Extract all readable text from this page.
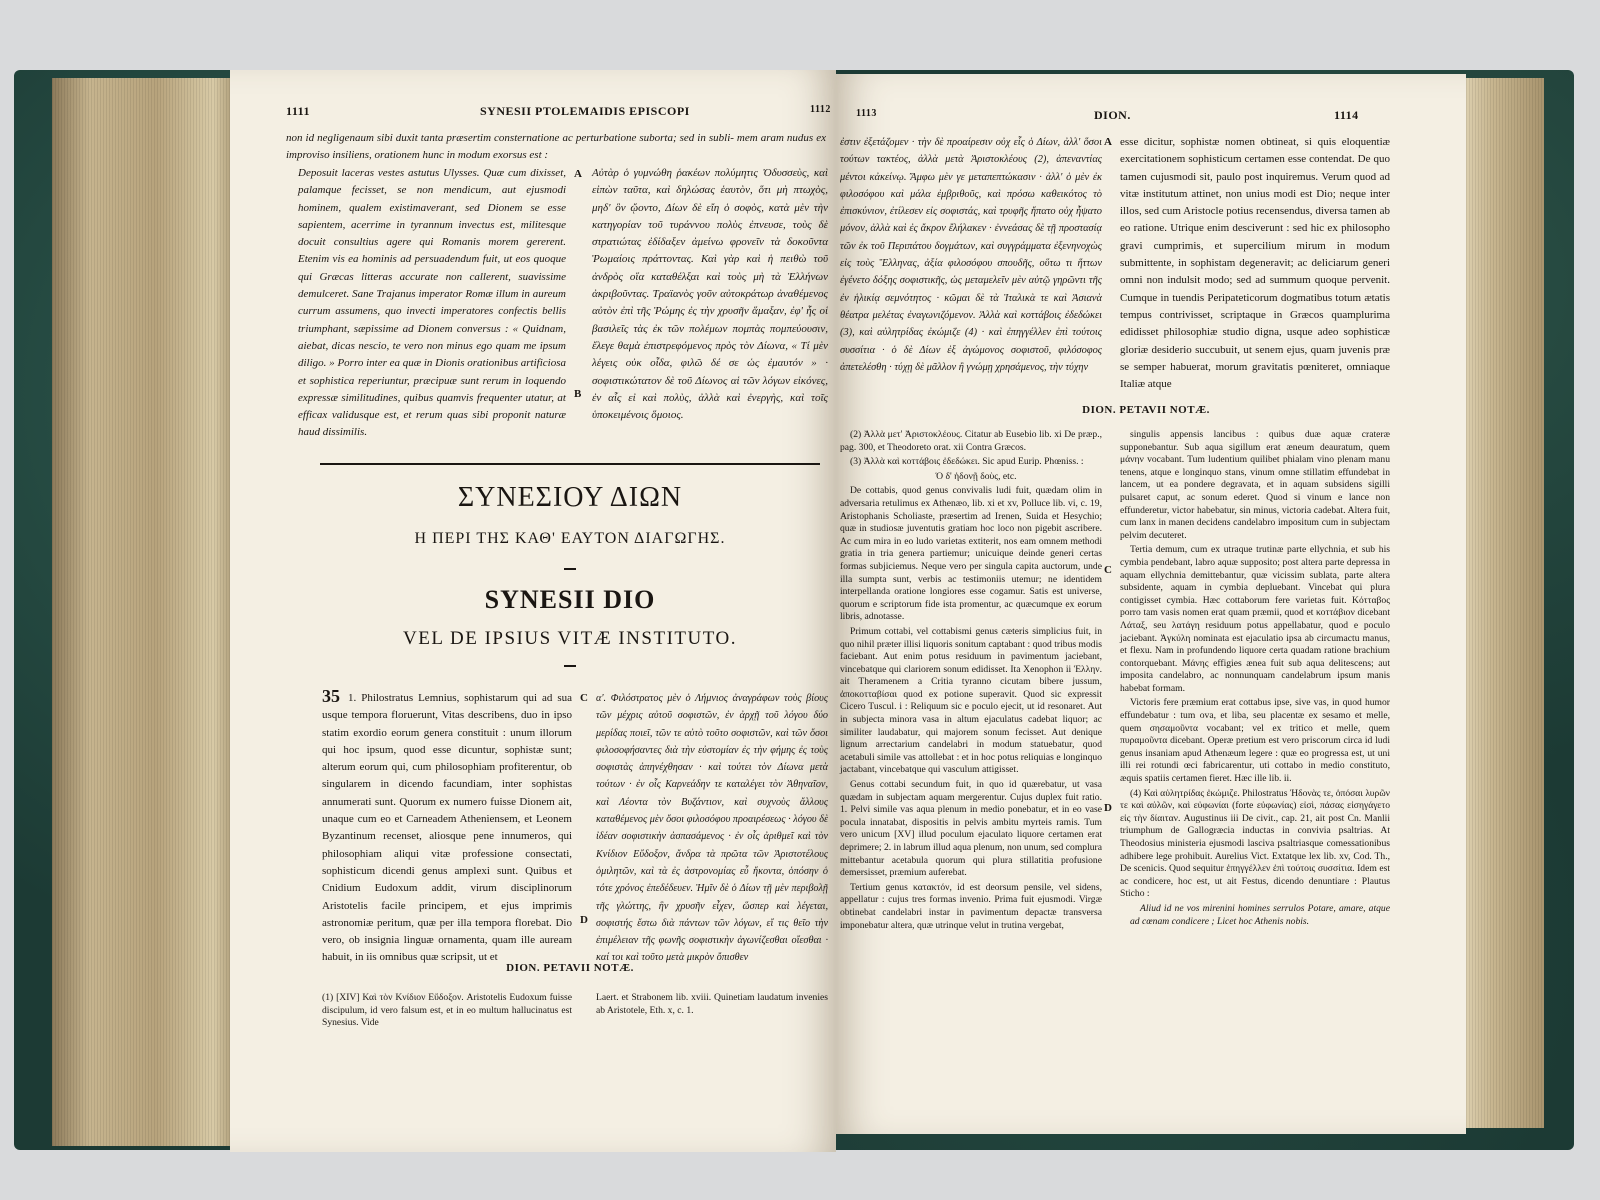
1111	SYNESII PTOLEMAIDIS EPISCOPI	1112
non id negligenaum sibi duxit tanta præsertim consternatione ac perturbatione suborta; sed in subli- mem aram nudus ex improviso insiliens, orationem hunc in modum exorsus est :
Deposuit laceras vestes astutus Ulysses. Quæ cum dixisset, palamque fecisset, se non mendicum, aut ejusmodi hominem, qualem existimaverant, sed Dionem se esse sapientem, acerrime in tyrannum invectus est, militesque docuit consultius agere qui Romanis morem gererent. Etenim vis ea hominis ad persuadendum fuit, ut eos quoque qui Græcas litteras accurate non callerent, suavissime demulceret. Sane Trajanus imperator Romæ illum in aureum currum assumens, quo invecti imperatores confectis bellis triumphant, sæpissime ad Dionem conversus : « Quidnam, aiebat, dicas nescio, te vero non minus ego quam me ipsum diligo. » Porro inter ea quæ in Dionis orationibus artificiosa et sophistica reperiuntur, præcipuæ sunt rerum in loquendo expressæ similitudines, quibus quamvis frequenter utatur, at efficax validusque est, et rerum quas sibi proponit naturæ haud dissimilis.
Αὐτὰρ ὁ γυμνώθη ῥακέων πολύμητις Ὀδυσσεὺς, καὶ εἰπὼν ταῦτα, καὶ δηλώσας ἑαυτὸν, ὅτι μὴ πτωχὸς, μηδ' ὃν ᾤοντο, Δίων δὲ εἴη ὁ σοφὸς, κατὰ μὲν τὴν κατηγορίαν τοῦ τυράννου πολὺς ἐπνευσε, τοὺς δὲ στρατιώτας ἐδίδαξεν ἀμείνω φρονεῖν τὰ δοκοῦντα Ῥωμαίοις πράττοντας. Καὶ γὰρ καὶ ἡ πειθὼ τοῦ ἀνδρὸς οἵα καταθέλξαι καὶ τοὺς μὴ τὰ Ἑλλήνων ἀκριβοῦντας. Τραϊανὸς γοῦν αὐτοκράτωρ ἀναθέμενος αὐτὸν ἐπὶ τῆς Ῥώμης ἐς τὴν χρυσῆν ἅμαξαν, ἐφ' ἧς οἱ βασιλεῖς τὰς ἐκ τῶν πολέμων πομπὰς πομπεύουσιν, ἔλεγε θαμὰ ἐπιστρεφόμενος πρὸς τὸν Δίωνα, « Τί μὲν λέγεις οὐκ οἶδα, φιλῶ δέ σε ὡς ἐμαυτόν » · σοφιστικώτατον δὲ τοῦ Δίωνος αἱ τῶν λόγων εἰκόνες, ἐν αἷς εἰ καὶ πολὺς, ἀλλὰ καὶ ἐνεργὴς, καὶ τοῖς ὑποκειμένοις ὅμοιος.
A
B
ΣΥΝΕΣΙΟΥ ΔΙΩΝ
Η ΠΕΡΙ ΤΗΣ ΚΑΘ' ΕΑΥΤΟΝ ΔΙΑΓΩΓΗΣ.
SYNESII DIO
VEL DE IPSIUS VITÆ INSTITUTO.
35 1. Philostratus Lemnius, sophistarum qui ad sua usque tempora floruerunt, Vitas describens, duo in ipso statim exordio eorum genera constituit : unum illorum qui hoc ipsum, quod esse dicuntur, sophistæ sunt; alterum eorum qui, cum philosophiam profiterentur, ob singularem in dicendo facundiam, inter sophistas annumerati sunt. Quorum ex numero fuisse Dionem ait, unaque cum eo et Carneadem Atheniensem, et Leonem Byzantinum recenset, aliosque pene innumeros, qui philosophiam aliqui vitæ professione consectati, sophisticum dicendi genus amplexi sunt. Quibus et Cnidium Eudoxum addit, virum disciplinorum Aristotelis facile principem, et ejus imprimis astronomiæ peritum, quæ per illa tempora florebat. Dio vero, ob insignia linguæ ornamenta, quam ille auream habuit, in iis omnibus quæ scripsit, ut et
α'. Φιλόστρατος μὲν ὁ Λήμνιος ἀναγράφων τοὺς βίους τῶν μέχρις αὐτοῦ σοφιστῶν, ἐν ἀρχῇ τοῦ λόγου δύο μερίδας ποιεῖ, τῶν τε αὐτὸ τοῦτο σοφιστῶν, καὶ τῶν ὅσοι φιλοσοφήσαντες διὰ τὴν εὐστομίαν ἐς τὴν φήμης ἐς τοὺς σοφιστὰς ἀπηνέχθησαν · καὶ τούτει τὸν Δίωνα μετὰ τούτων · ἐν οἷς Καρνεάδην τε καταλέγει τὸν Ἀθηναῖον, καὶ Λέοντα τὸν Βυζάντιον, καὶ συχνοὺς ἄλλους καταθέμενος μὲν ὅσοι φιλοσόφου προαιρέσεως · λόγου δὲ ἰδέαν σοφιστικὴν ἀσπασάμενος · ἐν οἷς ἀριθμεῖ καὶ τὸν Κνίδιον Εὔδοξον, ἄνδρα τὰ πρῶτα τῶν Ἀριστοτέλους ὁμιλητῶν, καὶ τὰ ἐς ἀστρονομίας εὖ ἥκοντα, ὁπόσην ὁ τότε χρόνος ἐπεδέδευεν. Ἡμῖν δὲ ὁ Δίων τῇ μὲν περιβολῇ τῆς γλώττης, ἣν χρυσῆν εἶχεν, ὥσπερ καὶ λέγεται, σοφιστής ἔστω διὰ πάντων τῶν λόγων, εἴ τις θεῖο τὴν ἐπιμέλειαν τῆς φωνῆς σοφιστικὴν ἀγωνίζεσθαι οἴεσθαι · καί τοι καὶ τοῦτο μετὰ μικρὸν ὄπισθεν
C
D
DION. PETAVII NOTÆ.
(1) [XIV] Καὶ τὸν Κνίδιον Εὔδοξον. Aristotelis Eudoxum fuisse discipulum, id vero falsum est, et in eo multum hallucinatus est Synesius. Vide
Laert. et Strabonem lib. xviii. Quinetiam laudatum invenies ab Aristotele, Eth. x, c. 1.
1113	DION.	1114
ἐστιν ἐξετάζομεν · τὴν δὲ προαίρεσιν οὐχ εἷς ὁ Δίων, ἀλλ' ὅσοι τούτων τακτέος, ἀλλὰ μετὰ Ἀριστοκλέους (2), ἀπεναντίας μέντοι κἀκείνῳ. Ἄμφω μὲν γε μεταπεπτώκασιν · ἀλλ' ὁ μὲν ἐκ φιλοσόφου καὶ μάλα ἐμβριθοῦς, καὶ πρόσω καθεικότος τὸ ἐπισκύνιον, ἐτίλεσεν εἰς σοφιστάς, καὶ τρυφῆς ἥπατο οὐχ ἧψατο μόνον, ἀλλὰ καὶ ἐς ἄκρον ἔλήλακεν · ἐννεάσας δὲ τῇ προστασίᾳ τῶν ἐκ τοῦ Περιπάτου δογμάτων, καὶ συγγράμματα ἐξενηνοχὼς εἰς τοὺς Ἕλληνας, ἀξία φιλοσόφου σπουδῆς, οὕτω τι ἥττων ἐγένετο δόξης σοφιστικῆς, ὡς μεταμελεῖν μὲν αὐτῷ γηρῶντι τῆς ἐν ἡλικίᾳ σεμνότητος · κῶμαι δὲ τὰ Ἰταλικὰ τε καὶ Ἀσιανὰ θέατρα μελέτας ἐναγωνιζόμενον. Ἀλλὰ καὶ κοττάβοις ἐδεδώκει (3), καὶ αὐλητρίδας ἐκώμιζε (4) · καὶ ἐπηγγέλλεν ἐπὶ τούτοις συσσίτια · ὁ δὲ Δίων ἐξ ἀγώμονος σοφιστοῦ, φιλόσοφος ἀπετελέσθη · τύχῃ δὲ μᾶλλον ἢ γνώμῃ χρησάμενος, τὴν τύχην
A esse dicitur, sophistæ nomen obtineat, si quis eloquentiæ exercitationem sophisticum certamen esse contendat. De quo tamen cujusmodi sit, paulo post inquiremus. Verum quod ad vitæ institutum attinet, non unius modi est Dio; neque inter illos, sed cum Aristocle potius recensendus, diversa tamen ab eo ratione. Utrique enim desciverunt : sed hic ex philosopho gravi cumprimis, et supercilium mirum in modum submittente, in sophistam degeneravit; ac deliciarum generi omni non indulsit modo; sed ad summum quoque pervenit. Cumque in tuendis Peripateticorum dogmatibus totum ætatis tempus contrivisset, scriptaque in Græcos quamplurima edidisset philosophiæ studio digna, usque adeo sophisticæ gloriæ desiderio succubuit, ut senem ejus, quam juvenis præ se semper habuerat, morum gravitatis pœniteret, omniaque Italiæ atque
DION. PETAVII NOTÆ.

(2) Ἀλλὰ μετ' Ἀριστοκλέους. Citatur ab Eusebio lib. xi De præp., pag. 300, et Theodoreto orat. xii Contra Græcos.

(3) Ἀλλὰ καὶ κοττάβοις ἐδεδώκει. Sic apud Eurip. Phœniss. :

Ὁ δ' ἡδονῇ δοὺς, etc.

De cottabis, quod genus convivalis ludi fuit, quædam olim in adversaria retulimus ex Athenæo, lib. xi et xv, Polluce lib. vi, c. 19, Aristophanis Scholiaste, præsertim ad Irenen, Suida et Hesychio; quæ in studiosæ juventutis gratiam hoc loco non pigebit ascribere. Ac cum mira in eo ludo varietas extiterit, nos eam omnem methodi gratia in tria genera partiemur; unicuique deinde generi certas formas subjiciemus. Neque vero per singula capita auctorum, unde illa sumpta sunt, verbis ac testimoniis utemur; ne identidem interpellanda oratione longiores esse cogamur. Satis est universe, quorum e scriptorum fide ista promentur, ac quæcumque ex eorum libris, adnotasse.

Primum cottabi, vel cottabismi genus cæteris simplicius fuit, in quo nihil præter illisi liquoris sonitum captabant : quod tribus modis faciebant. Aut enim potus residuum in pavimentum jaciebant, vincebatque qui clariorem sonum edidisset. Ita Xenophon ii Ἑλλην. ait Theramenem a Critia tyranno cicutam bibere jussum, ἀποκοτταβίσαι quod ex potione superavit. Quod sic expressit Cicero Tuscul. i : Reliquum sic e poculo ejecit, ut id resonaret. Aut in subjecta minora vasa in altum ejaculatus cadebat liquor; ac similiter laudabatur, qui majorem sonum fecisset. Aut denique lignum arrectarium candelabri in modum statuebatur, quod acetabuli simile vas attollebat : et in hoc potus reliquias e longinquo jactabant, vincebatque qui vasculum attigisset.

Genus cottabi secundum fuit, in quo id quærebatur, ut vasa quædam in subjectam aquam mergerentur. Cujus duplex fuit ratio. 1. Pelvi simile vas aqua plenum in medio ponebatur, et in eo vase pocula innatabat, dispositis in pelvis ambitu myrteis ramis. Tum vero unicum [XV] illud poculum ejaculato liquore certamen erat deprimere; 2. in labrum illud aqua plenum, non unum, sed complura mittebantur acetabula quorum qui plura stillatitia profusione demersisset, præmium auferebat.

Tertium genus κατακτόν, id est deorsum pensile, vel sidens, appellatur : cujus tres formas invenio. Prima fuit ejusmodi. Virgæ obtinebat candelabri instar in pavimentum depactæ transversa imponebatur altera, quæ utrinque velut in trutina vergebat,

C
D

singulis appensis lancibus : quibus duæ aquæ crateræ supponebantur. Sub aqua sigillum erat æneum deauratum, quem μάνην vocabant. Tum ludentium quilibet phialam vino plenam manu tenens, atque e longinquo stans, vinum omne stillatim effundebat in lancem, ut ea pondere degravata, et in aquam subsidens sigilli pulsaret caput, ac sonum ederet. Quod si vinum e lance non effunderetur, victor habebatur, sin minus, victoria cadebat. Altera fuit, cum lanx in manen decidens candelabro impositum cum in subjectam pelvim decuteret.

Tertia demum, cum ex utraque trutinæ parte ellychnia, et sub his cymbia pendebant, labro aquæ supposito; post altera parte depressa in aquam ellychnia demittebantur, quæ vicissim sublata, parte altera subsidente, aquam in cymbia depluebant. Vincebat qui plura contigisset cymbia. Hæc cottaborum fere varietas fuit. Κότταβος porro tam vasis nomen erat quam præmii, quod et κοττάβιον dicebant Λάταξ, seu λατάγη residuum potus appellabatur, quod e poculo jaciebant. Ἀγκύλη nominata est ejaculatio ipsa ab circumactu manus, et flexu. Nam in profundendo liquore certa quadam ratione brachium contorquebant. Μάνης effigies ænea fuit sub aqua delitescens; aut imposita candelabro, ac nonnunquam candelabrum ipsum manis habebat formam.

Victoris fere præmium erat cottabus ipse, sive vas, in quod humor effundebatur : tum ova, et liba, seu placentæ ex sesamo et melle, quem σησαμοῦντα vocabant; vel ex tritico et melle, quem πυραμοῦντα dicebant. Operæ pretium est vero priscorum circa id ludi genus insaniam apud Athenæum legere : quæ eo progressa est, ut uni illi rei rotundi œci fabricarentur, uti cottabo in medio constituto, æquis spatiis certamen fieret. Hæc ille lib. ii.

(4) Καὶ αὐλητρίδας ἐκώμιζε. Philostratus Ἠδονὰς τε, ὁπόσαι λυρῶν τε καὶ αὐλῶν, καὶ εὐφωνίαι (forte εὐφωνίας) εἰσὶ, πάσας εἰσηγάγετο εἰς τὴν δίαιταν. Augustinus iii De civit., cap. 21, ait post Cn. Manlii triumphum de Gallogræcia inductas in convivia psaltrias. At Theodosius ministeria ejusmodi lasciva psaltriasque comessationibus adhibere lege prohibuit. Aurelius Vict. Extatque lex lib. xv, Cod. Th., De scenicis. Quod sequitur ἐπηγγέλλεν ἐπὶ τούτοις συσσίτια. Idem est ac condicere, hoc est, ut ait Festus, dicendo denuntiare : Plautus Sticho :

Aliud id ne vos mirenini homines serrulos Potare, amare, atque ad cœnam condicere ; Licet hoc Athenis nobis.
